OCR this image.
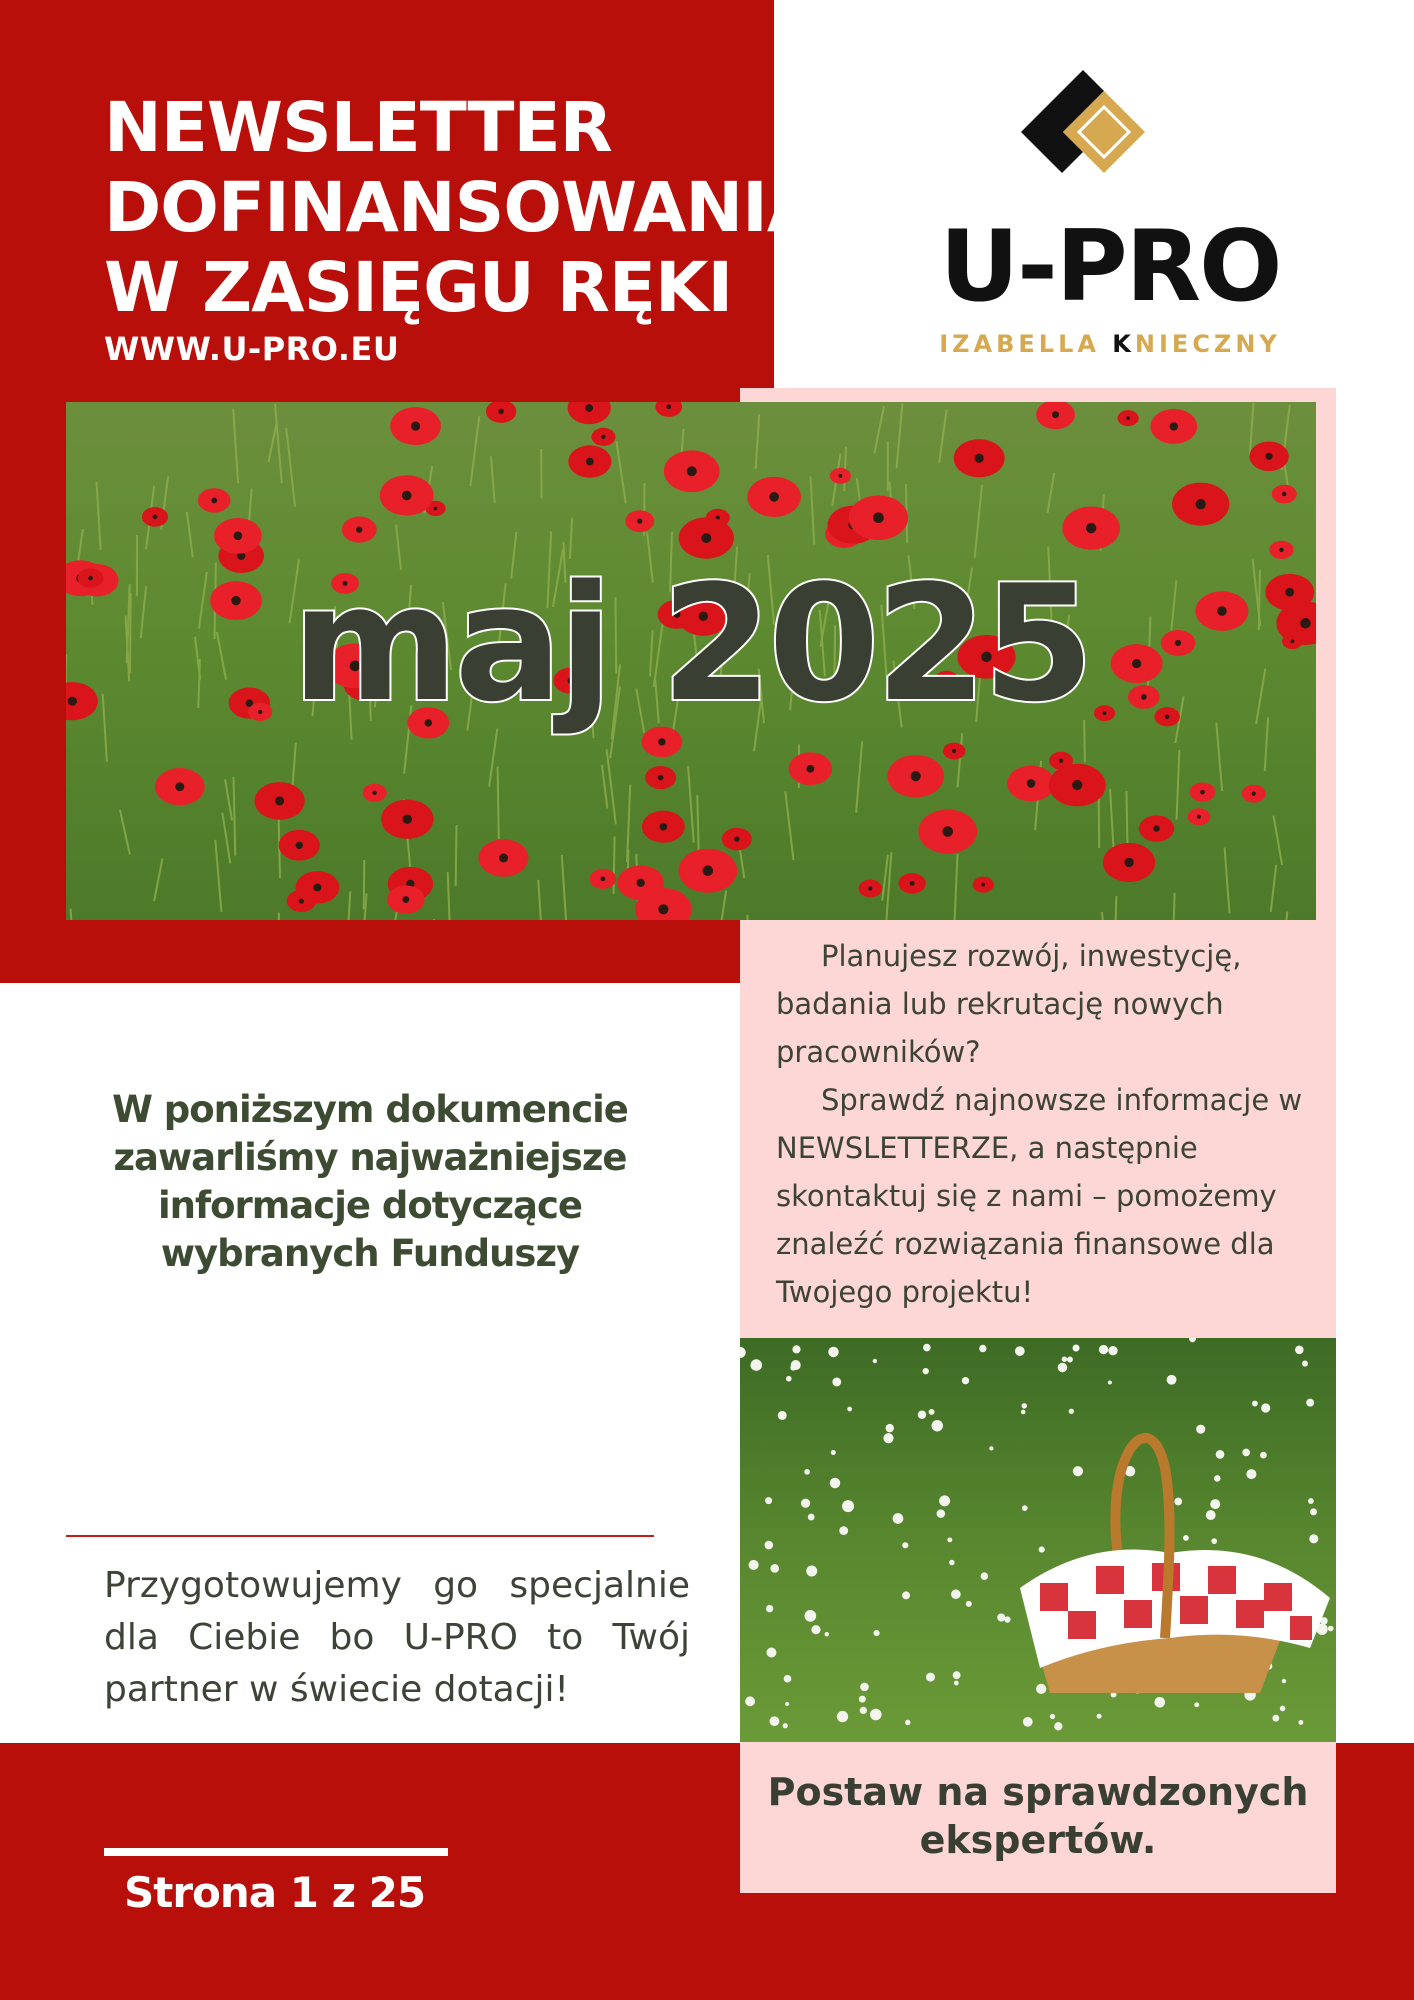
NEWSLETTER
DOFINANSOWANIA
W ZASIĘGU RĘKI
WWW.U-PRO.EU
U-PRO
IZABELLA KNIECZNY
maj 2025

Planujesz rozwój, inwestycję, badania lub rekrutację nowych pracowników?

Sprawdź najnowsze informacje w NEWSLETTERZE, a następnie skontaktuj się z nami – pomożemy znaleźć rozwiązania finansowe dla Twojego projektu!

W poniższym dokumencie zawarliśmy najważniejsze informacje dotyczące wybranych Funduszy
Przygotowujemy go specjalnie dla Ciebie bo U-PRO to Twój
partner w świecie dotacji!
Postaw na sprawdzonych ekspertów.
Strona 1 z 25
